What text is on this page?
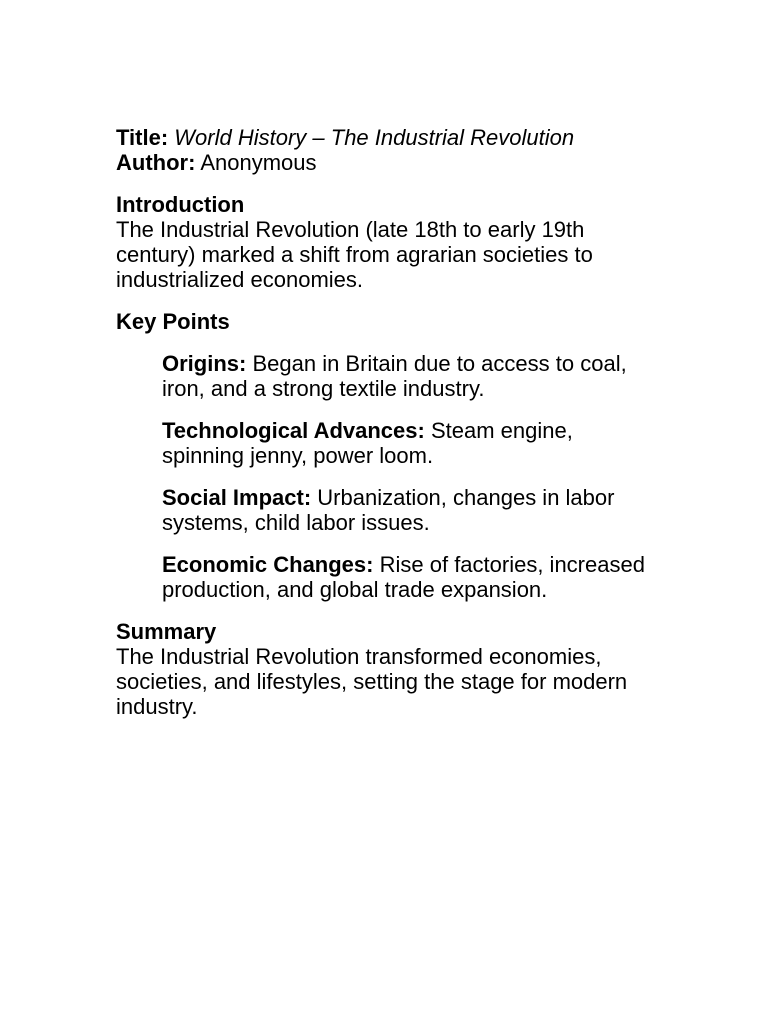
Title: World History – The Industrial Revolution
Author: Anonymous
Introduction

The Industrial Revolution (late 18th to early 19th century) marked a shift from agrarian societies to industrialized economies.

Key Points
Origins: Began in Britain due to access to coal, iron, and a strong textile industry.
Technological Advances: Steam engine, spinning jenny, power loom.
Social Impact: Urbanization, changes in labor systems, child labor issues.
Economic Changes: Rise of factories, increased production, and global trade expansion.
Summary

The Industrial Revolution transformed economies, societies, and lifestyles, setting the stage for modern industry.
